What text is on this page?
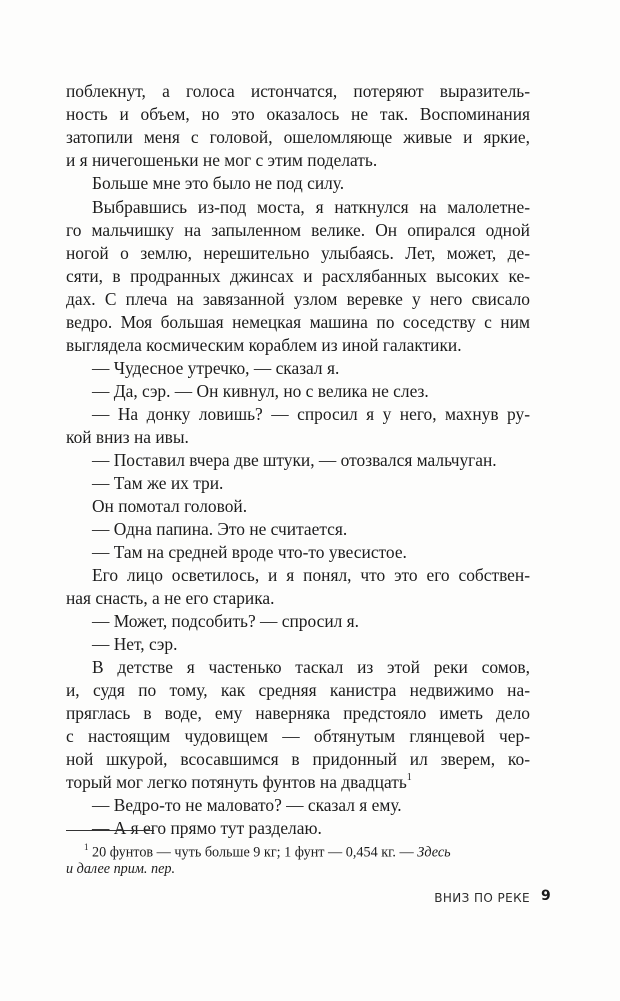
поблекнут, а голоса истончатся, потеряют выразитель-
ность и объем, но это оказалось не так. Воспоминания
затопили меня с головой, ошеломляюще живые и яркие,
и я ничегошеньки не мог с этим поделать.
Больше мне это было не под силу.
Выбравшись из-под моста, я наткнулся на малолетне-
го мальчишку на запыленном велике. Он опирался одной
ногой о землю, нерешительно улыбаясь. Лет, может, де-
сяти, в продранных джинсах и расхлябанных высоких ке-
дах. С плеча на завязанной узлом веревке у него свисало
ведро. Моя большая немецкая машина по соседству с ним
выглядела космическим кораблем из иной галактики.
— Чудесное утречко, — сказал я.
— Да, сэр. — Он кивнул, но с велика не слез.
— На донку ловишь? — спросил я у него, махнув ру-
кой вниз на ивы.
— Поставил вчера две штуки, — отозвался мальчуган.
— Там же их три.
Он помотал головой.
— Одна папина. Это не считается.
— Там на средней вроде что-то увесистое.
Его лицо осветилось, и я понял, что это его собствен-
ная снасть, а не его старика.
— Может, подсобить? — спросил я.
— Нет, сэр.
В детстве я частенько таскал из этой реки сомов,
и, судя по тому, как средняя канистра недвижимо на-
пряглась в воде, ему наверняка предстояло иметь дело
с настоящим чудовищем — обтянутым глянцевой чер-
ной шкурой, всосавшимся в придонный ил зверем, ко-
торый мог легко потянуть фунтов на двадцать$^1$
— Ведро-то не маловато? — сказал я ему.
— А я его прямо тут разделаю.
$^1$ 20 фунтов — чуть больше 9 кг; 1 фунт — 0,454 кг. — Здесь
и далее прим. пер.
ВНИЗ ПО РЕКЕ 9
